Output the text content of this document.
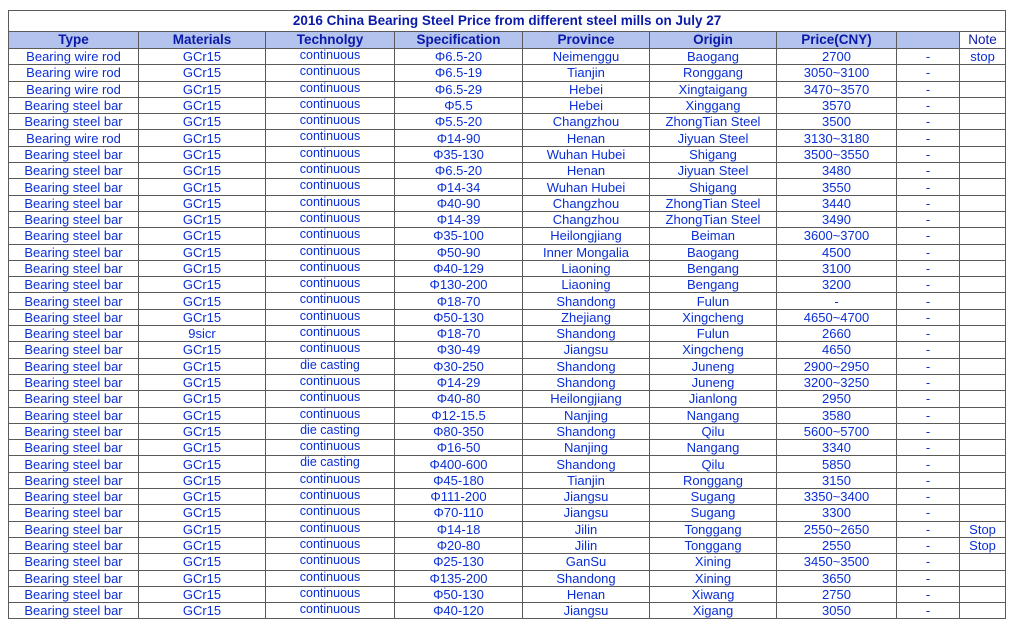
2016 China Bearing Steel Price from different steel mills on July 27								
Type	Materials	Technolgy	Specification	Province	Origin	Price(CNY)		Note
Bearing wire rod	GCr15	continuous	Φ6.5-20	Neimenggu	Baogang	2700	-	stop
Bearing wire rod	GCr15	continuous	Φ6.5-19	Tianjin	Ronggang	3050~3100	-	
Bearing wire rod	GCr15	continuous	Φ6.5-29	Hebei	Xingtaigang	3470~3570	-	
Bearing steel bar	GCr15	continuous	Φ5.5	Hebei	Xinggang	3570	-	
Bearing steel bar	GCr15	continuous	Φ5.5-20	Changzhou	ZhongTian Steel	3500	-	
Bearing wire rod	GCr15	continuous	Φ14-90	Henan	Jiyuan Steel	3130~3180	-	
Bearing steel bar	GCr15	continuous	Φ35-130	Wuhan Hubei	Shigang	3500~3550	-	
Bearing steel bar	GCr15	continuous	Φ6.5-20	Henan	Jiyuan Steel	3480	-	
Bearing steel bar	GCr15	continuous	Φ14-34	Wuhan Hubei	Shigang	3550	-	
Bearing steel bar	GCr15	continuous	Φ40-90	Changzhou	ZhongTian Steel	3440	-	
Bearing steel bar	GCr15	continuous	Φ14-39	Changzhou	ZhongTian Steel	3490	-	
Bearing steel bar	GCr15	continuous	Φ35-100	Heilongjiang	Beiman	3600~3700	-	
Bearing steel bar	GCr15	continuous	Φ50-90	Inner Mongalia	Baogang	4500	-	
Bearing steel bar	GCr15	continuous	Φ40-129	Liaoning	Bengang	3100	-	
Bearing steel bar	GCr15	continuous	Φ130-200	Liaoning	Bengang	3200	-	
Bearing steel bar	GCr15	continuous	Φ18-70	Shandong	Fulun	-	-	
Bearing steel bar	GCr15	continuous	Φ50-130	Zhejiang	Xingcheng	4650~4700	-	
Bearing steel bar	9sicr	continuous	Φ18-70	Shandong	Fulun	2660	-	
Bearing steel bar	GCr15	continuous	Φ30-49	Jiangsu	Xingcheng	4650	-	
Bearing steel bar	GCr15	die casting	Φ30-250	Shandong	Juneng	2900~2950	-	
Bearing steel bar	GCr15	continuous	Φ14-29	Shandong	Juneng	3200~3250	-	
Bearing steel bar	GCr15	continuous	Φ40-80	Heilongjiang	Jianlong	2950	-	
Bearing steel bar	GCr15	continuous	Φ12-15.5	Nanjing	Nangang	3580	-	
Bearing steel bar	GCr15	die casting	Φ80-350	Shandong	Qilu	5600~5700	-	
Bearing steel bar	GCr15	continuous	Φ16-50	Nanjing	Nangang	3340	-	
Bearing steel bar	GCr15	die casting	Φ400-600	Shandong	Qilu	5850	-	
Bearing steel bar	GCr15	continuous	Φ45-180	Tianjin	Ronggang	3150	-	
Bearing steel bar	GCr15	continuous	Φ111-200	Jiangsu	Sugang	3350~3400	-	
Bearing steel bar	GCr15	continuous	Φ70-110	Jiangsu	Sugang	3300	-	
Bearing steel bar	GCr15	continuous	Φ14-18	Jilin	Tonggang	2550~2650	-	Stop
Bearing steel bar	GCr15	continuous	Φ20-80	Jilin	Tonggang	2550	-	Stop
Bearing steel bar	GCr15	continuous	Φ25-130	GanSu	Xining	3450~3500	-	
Bearing steel bar	GCr15	continuous	Φ135-200	Shandong	Xining	3650	-	
Bearing steel bar	GCr15	continuous	Φ50-130	Henan	Xiwang	2750	-	
Bearing steel bar	GCr15	continuous	Φ40-120	Jiangsu	Xigang	3050	-	
